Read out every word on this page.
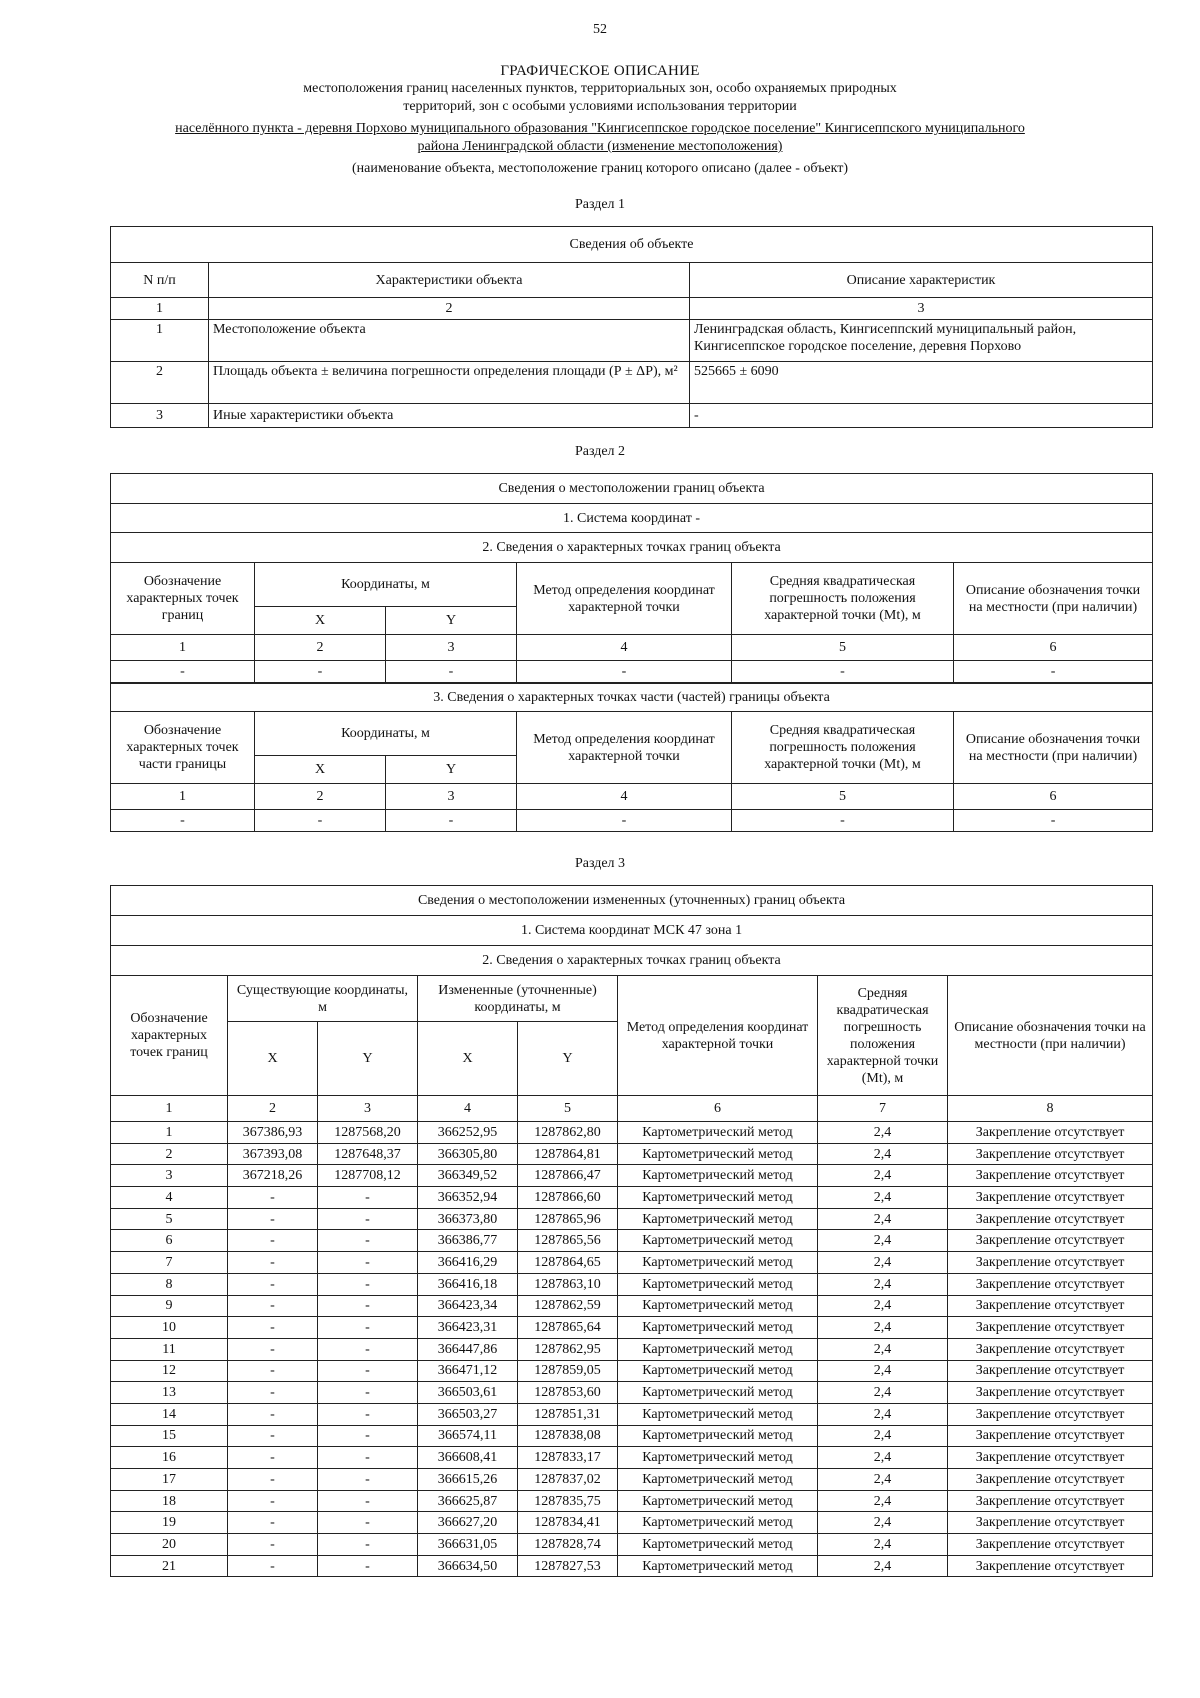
52
ГРАФИЧЕСКОЕ ОПИСАНИЕ
местоположения границ населенных пунктов, территориальных зон, особо охраняемых природных
территорий, зон с особыми условиями использования территории
населённого пункта - деревня Порхово муниципального образования "Кингисеппское городское поселение" Кингисеппского муниципального
района Ленинградской области (изменение местоположения)
(наименование объекта, местоположение границ которого описано (далее - объект)
Раздел 1
Сведения об объекте		
N п/п	Характеристики объекта	Описание характеристик
1	2	3
1	Местоположение объекта	Ленинградская область, Кингисеппский муниципальный район, Кингисеппское городское поселение, деревня Порхово
2	Площадь объекта ± величина погрешности определения площади (Р ± ΔР), м²	525665 ± 6090
3	Иные характеристики объекта	-
Раздел 2
Сведения о местоположении границ объекта					
1. Система координат -					
2. Сведения о характерных точках границ объекта					
Обозначение характерных точек границ	Координаты, м		Метод определения координат характерной точки	Средняя квадратическая погрешность положения характерной точки (Mt), м	Описание обозначения точки на местности (при наличии)
	X	Y			
1	2	3	4	5	6
-	-	-	-	-	-
3. Сведения о характерных точках части (частей) границы объекта					
Обозначение характерных точек части границы	Координаты, м		Метод определения координат характерной точки	Средняя квадратическая погрешность положения характерной точки (Mt), м	Описание обозначения точки на местности (при наличии)
	X	Y			
1	2	3	4	5	6
-	-	-	-	-	-
Раздел 3
Сведения о местоположении измененных (уточненных) границ объекта							
1. Система координат МСК 47 зона 1							
2. Сведения о характерных точках границ объекта							
Обозначение характерных точек границ	Существующие координаты, м		Измененные (уточненные) координаты, м		Метод определения координат характерной точки	Средняя квадратическая погрешность положения характерной точки (Mt), м	Описание обозначения точки на местности (при наличии)
	X	Y	X	Y			
1	2	3	4	5	6	7	8
1	367386,93	1287568,20	366252,95	1287862,80	Картометрический метод	2,4	Закрепление отсутствует
2	367393,08	1287648,37	366305,80	1287864,81	Картометрический метод	2,4	Закрепление отсутствует
3	367218,26	1287708,12	366349,52	1287866,47	Картометрический метод	2,4	Закрепление отсутствует
4	-	-	366352,94	1287866,60	Картометрический метод	2,4	Закрепление отсутствует
5	-	-	366373,80	1287865,96	Картометрический метод	2,4	Закрепление отсутствует
6	-	-	366386,77	1287865,56	Картометрический метод	2,4	Закрепление отсутствует
7	-	-	366416,29	1287864,65	Картометрический метод	2,4	Закрепление отсутствует
8	-	-	366416,18	1287863,10	Картометрический метод	2,4	Закрепление отсутствует
9	-	-	366423,34	1287862,59	Картометрический метод	2,4	Закрепление отсутствует
10	-	-	366423,31	1287865,64	Картометрический метод	2,4	Закрепление отсутствует
11	-	-	366447,86	1287862,95	Картометрический метод	2,4	Закрепление отсутствует
12	-	-	366471,12	1287859,05	Картометрический метод	2,4	Закрепление отсутствует
13	-	-	366503,61	1287853,60	Картометрический метод	2,4	Закрепление отсутствует
14	-	-	366503,27	1287851,31	Картометрический метод	2,4	Закрепление отсутствует
15	-	-	366574,11	1287838,08	Картометрический метод	2,4	Закрепление отсутствует
16	-	-	366608,41	1287833,17	Картометрический метод	2,4	Закрепление отсутствует
17	-	-	366615,26	1287837,02	Картометрический метод	2,4	Закрепление отсутствует
18	-	-	366625,87	1287835,75	Картометрический метод	2,4	Закрепление отсутствует
19	-	-	366627,20	1287834,41	Картометрический метод	2,4	Закрепление отсутствует
20	-	-	366631,05	1287828,74	Картометрический метод	2,4	Закрепление отсутствует
21	-	-	366634,50	1287827,53	Картометрический метод	2,4	Закрепление отсутствует
